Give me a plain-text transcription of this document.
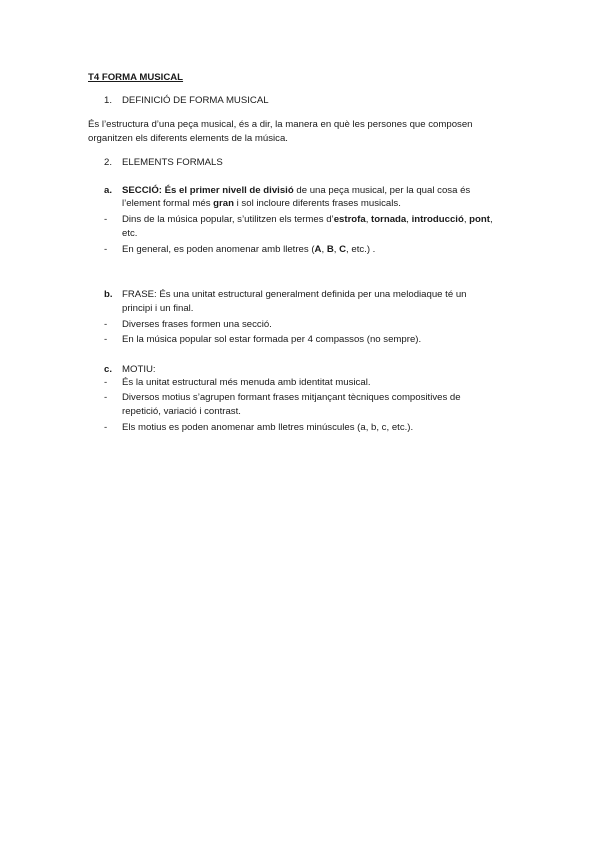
T4 FORMA MUSICAL
1. DEFINICIÓ DE FORMA MUSICAL
És l’estructura d’una peça musical, és a dir, la manera en què les persones que composen
organitzen els diferents elements de la música.
2. ELEMENTS FORMALS
a. SECCIÓ: És el primer nivell de divisió de una peça musical, per la qual cosa és
l’element formal més gran i sol incloure diferents frases musicals.
- Dins de la música popular, s’utilitzen els termes d’estrofa, tornada, introducció, pont,
etc.
- En general, es poden anomenar amb lletres (A, B, C, etc.) .
b. FRASE: És una unitat estructural generalment definida per una melodiaque té un
principi i un final.
- Diverses frases formen una secció.
- En la música popular sol estar formada per 4 compassos (no sempre).
c. MOTIU:
- És la unitat estructural més menuda amb identitat musical.
- Diversos motius s’agrupen formant frases mitjançant tècniques compositives de
repetició, variació i contrast.
- Els motius es poden anomenar amb lletres minúscules (a, b, c, etc.).
